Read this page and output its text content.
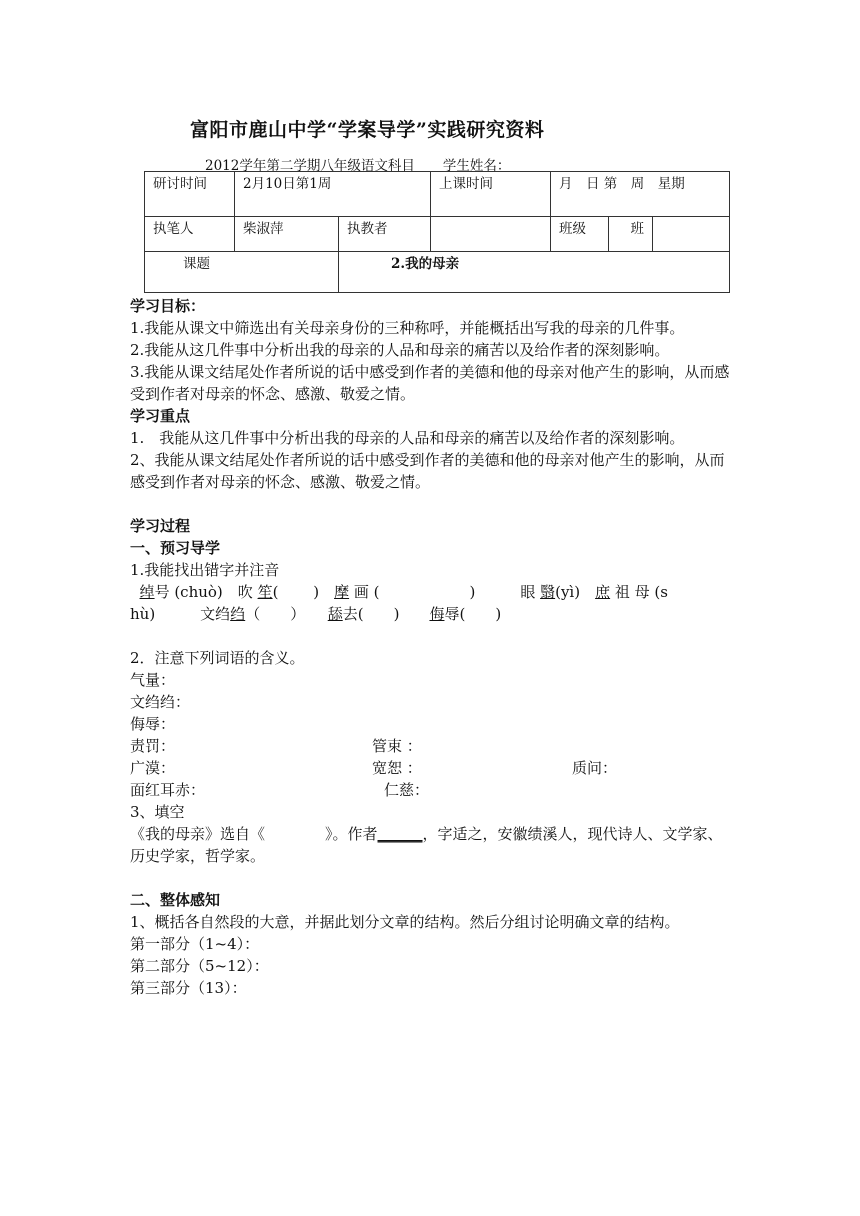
富阳市鹿山中学“学案导学”实践研究资料
2012学年第二学期八年级语文科目 学生姓名：
研讨时间	2月10日第1周		上课时间	月　日 第　周　星期		
执笔人	柴淑萍	执教者		班级	班	
课题		2.我的母亲				
学习目标：
1.我能从课文中筛选出有关母亲身份的三种称呼，并能概括出写我的母亲的几件事。
2.我能从这几件事中分析出我的母亲的人品和母亲的痛苦以及给作者的深刻影响。
3.我能从课文结尾处作者所说的话中感受到作者的美德和他的母亲对他产生的影响，从而感受到作者对母亲的怀念、感激、敬爱之情。
学习重点
1.　我能从这几件事中分析出我的母亲的人品和母亲的痛苦以及给作者的深刻影响。
2、我能从课文结尾处作者所说的话中感受到作者的美德和他的母亲对他产生的影响，从而感受到作者对母亲的怀念、感激、敬爱之情。
学习过程
一、预习导学
1.我能找出错字并注音
绰号 (chuò)　吹 笙(　　 )　摩 画 (　　　　　　)　　　眼 翳(yì)　庶 祖 母 (s
hù)　　　文绉绉（　　）　　舔去(　　)　　侮辱(　　)
2．注意下列词语的含义。
气量：
文绉绉：
侮辱：
责罚：	管束 ：
广漠：	宽恕 ：	质问：
面红耳赤：	仁慈：
3、填空
《我的母亲》选自《　　　　》。作者______，字适之，安徽绩溪人，现代诗人、文学家、历史学家，哲学家。
二、整体感知
1、概括各自然段的大意，并据此划分文章的结构。然后分组讨论明确文章的结构。
第一部分（1~4）：
第二部分（5~12）：
第三部分（13）：
